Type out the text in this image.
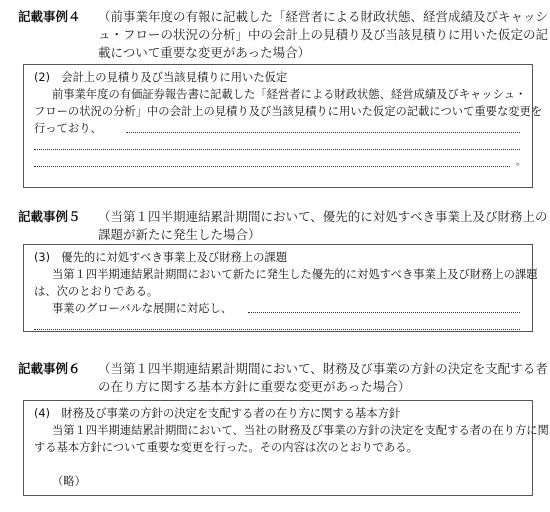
記載事例４ （前事業年度の有報に記載した「経営者による財政状態、経営成績及びキャッシュ・フローの状況の分析」中の会計上の見積り及び当該見積りに用いた仮定の記載について重要な変更があった場合）
(2)　会計上の見積り及び当該見積りに用いた仮定
前事業年度の有価証券報告書に記載した「経営者による財政状態、経営成績及びキャッシュ・
フローの状況の分析」中の会計上の見積り及び当該見積りに用いた仮定の記載について重要な変更を
行っており、
。
記載事例５ （当第１四半期連結累計期間において、優先的に対処すべき事業上及び財務上の課題が新たに発生した場合）
(3)　優先的に対処すべき事業上及び財務上の課題
当第１四半期連結累計期間において新たに発生した優先的に対処すべき事業上及び財務上の課題
は、次のとおりである。
事業のグローバルな展開に対応し、
記載事例６ （当第１四半期連結累計期間において、財務及び事業の方針の決定を支配する者の在り方に関する基本方針に重要な変更があった場合）
(4)　財務及び事業の方針の決定を支配する者の在り方に関する基本方針
当第１四半期連結累計期間において、当社の財務及び事業の方針の決定を支配する者の在り方に関
する基本方針について重要な変更を行った。その内容は次のとおりである。
（略）
